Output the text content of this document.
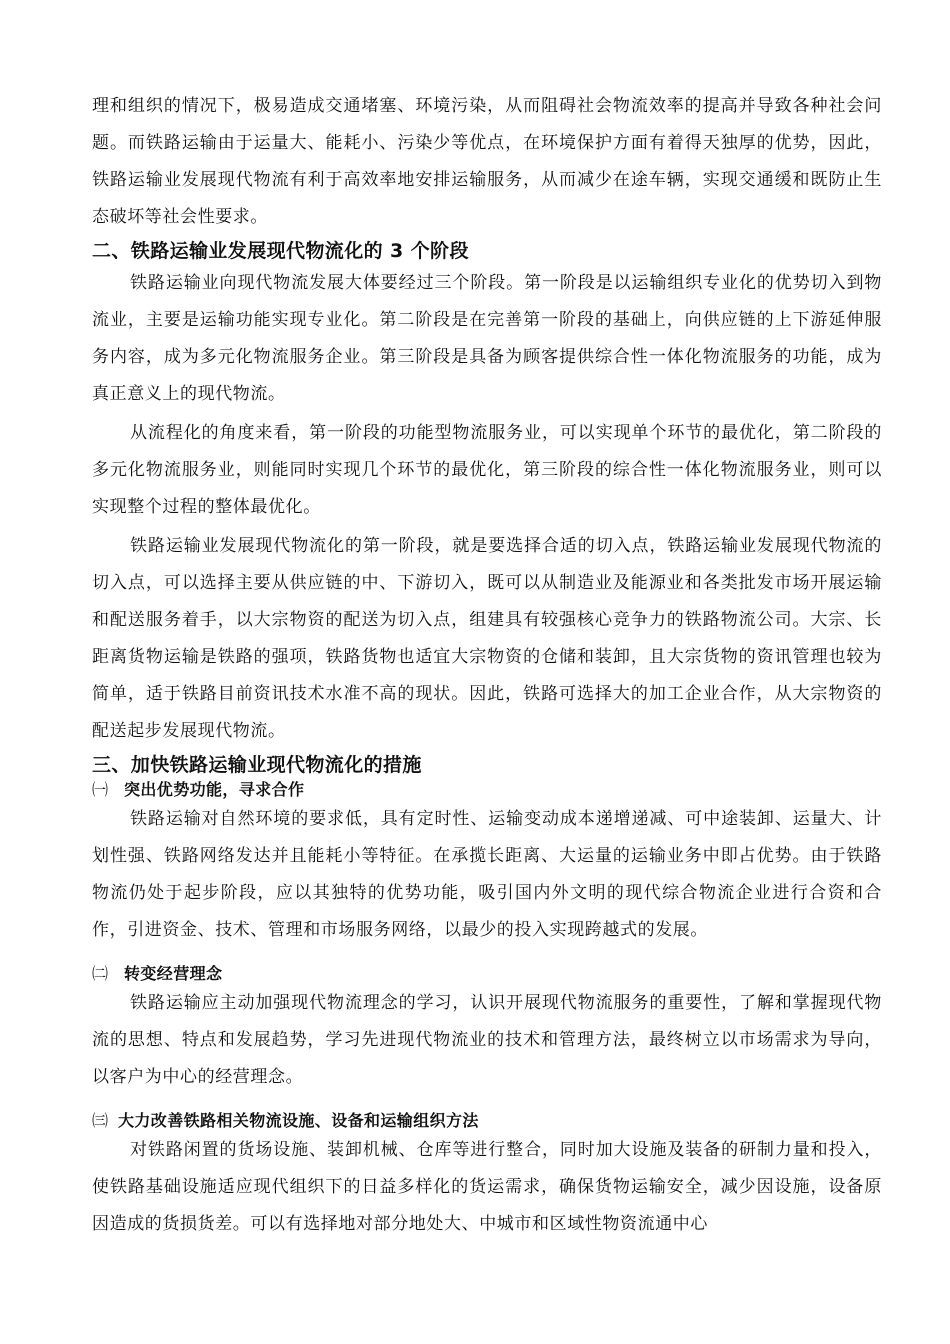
理和组织的情况下，极易造成交通堵塞、环境污染，从而阻碍社会物流效率的提高并导致各种社会问题。而铁路运输由于运量大、能耗小、污染少等优点，在环境保护方面有着得天独厚的优势，因此，铁路运输业发展现代物流有利于高效率地安排运输服务，从而减少在途车辆，实现交通缓和既防止生态破坏等社会性要求。

二、铁路运输业发展现代物流化的 3 个阶段

铁路运输业向现代物流发展大体要经过三个阶段。第一阶段是以运输组织专业化的优势切入到物流业，主要是运输功能实现专业化。第二阶段是在完善第一阶段的基础上，向供应链的上下游延伸服务内容，成为多元化物流服务企业。第三阶段是具备为顾客提供综合性一体化物流服务的功能，成为真正意义上的现代物流。

从流程化的角度来看，第一阶段的功能型物流服务业，可以实现单个环节的最优化，第二阶段的多元化物流服务业，则能同时实现几个环节的最优化，第三阶段的综合性一体化物流服务业，则可以实现整个过程的整体最优化。

铁路运输业发展现代物流化的第一阶段，就是要选择合适的切入点，铁路运输业发展现代物流的切入点，可以选择主要从供应链的中、下游切入，既可以从制造业及能源业和各类批发市场开展运输和配送服务着手，以大宗物资的配送为切入点，组建具有较强核心竞争力的铁路物流公司。大宗、长距离货物运输是铁路的强项，铁路货物也适宜大宗物资的仓储和装卸，且大宗货物的资讯管理也较为简单，适于铁路目前资讯技术水准不高的现状。因此，铁路可选择大的加工企业合作，从大宗物资的配送起步发展现代物流。

三、加快铁路运输业现代物流化的措施
㈠ 突出优势功能，寻求合作

铁路运输对自然环境的要求低，具有定时性、运输变动成本递增递减、可中途装卸、运量大、计划性强、铁路网络发达并且能耗小等特征。在承揽长距离、大运量的运输业务中即占优势。由于铁路物流仍处于起步阶段，应以其独特的优势功能，吸引国内外文明的现代综合物流企业进行合资和合作，引进资金、技术、管理和市场服务网络，以最少的投入实现跨越式的发展。

㈡ 转变经营理念

铁路运输应主动加强现代物流理念的学习，认识开展现代物流服务的重要性，了解和掌握现代物流的思想、特点和发展趋势，学习先进现代物流业的技术和管理方法，最终树立以市场需求为导向，以客户为中心的经营理念。

㈢ 大力改善铁路相关物流设施、设备和运输组织方法

对铁路闲置的货场设施、装卸机械、仓库等进行整合，同时加大设施及装备的研制力量和投入，使铁路基础设施适应现代组织下的日益多样化的货运需求，确保货物运输安全，减少因设施，设备原因造成的货损货差。可以有选择地对部分地处大、中城市和区域性物资流通中心
